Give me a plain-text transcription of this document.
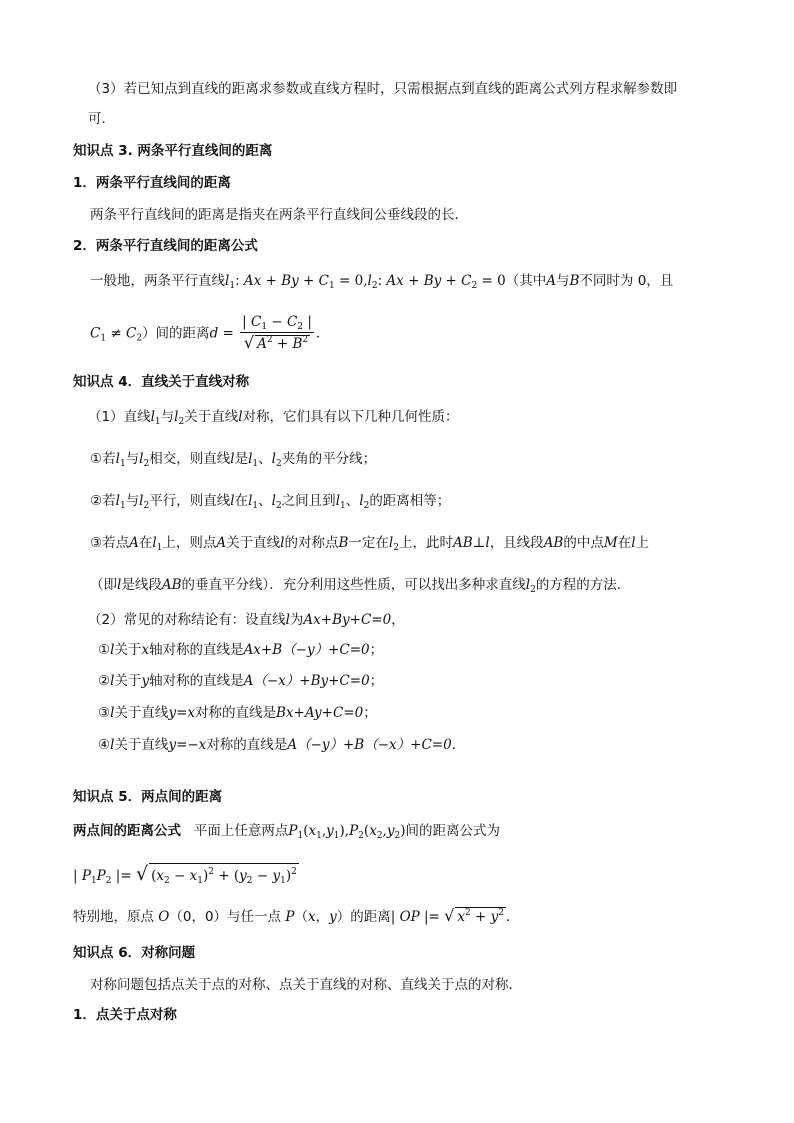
（3）若已知点到直线的距离求参数或直线方程时，只需根据点到直线的距离公式列方程求解参数即
可．
知识点 3. 两条平行直线间的距离
1．两条平行直线间的距离
两条平行直线间的距离是指夹在两条平行直线间公垂线段的长．
2．两条平行直线间的距离公式
一般地，两条平行直线$l_1$: $Ax + By + C_1 = 0,l_2$: $Ax + By + C_2 = 0$（其中A与B不同时为 0，且
$C_1 \ne C_2$）间的距离$d = \frac{| C_1 - C_2 |}{√ A^2 + B^2}$ .
知识点 4．直线关于直线对称
（1）直线$l_1$与$l_2$关于直线l对称，它们具有以下几种几何性质：
①若$l_1$与$l_2$相交，则直线l是$l_1$、$l_2$夹角的平分线；
②若$l_1$与$l_2$平行，则直线l在$l_1$、$l_2$之间且到$l_1$、$l_2$的距离相等；
③若点A在$l_1$上，则点A关于直线l的对称点B一定在$l_2$上，此时AB⊥l，且线段AB的中点M在l上
（即l是线段AB的垂直平分线）．充分利用这些性质，可以找出多种求直线$l_2$的方程的方法．
（2）常见的对称结论有：设直线l为Ax+By+C=0，
①l关于x轴对称的直线是Ax+B（−y）+C=0；
②l关于y轴对称的直线是A（−x）+By+C=0；
③l关于直线y=x对称的直线是Bx+Ay+C=0；
④l关于直线y=−x对称的直线是A（−y）+B（−x）+C=0．
知识点 5．两点间的距离
两点间的距离公式 平面上任意两点$P_1(x_1,y_1),P_2(x_2,y_2)$间的距离公式为
| $P_1P_2$ |= √ $(x_2 - x_1)^2 + (y_2 - y_1)^2$
特别地，原点 O（0，0）与任一点 P（x，y）的距离| OP |= √ $x^2 + y^2$ ．
知识点 6．对称问题
对称问题包括点关于点的对称、点关于直线的对称、直线关于点的对称．
1．点关于点对称
